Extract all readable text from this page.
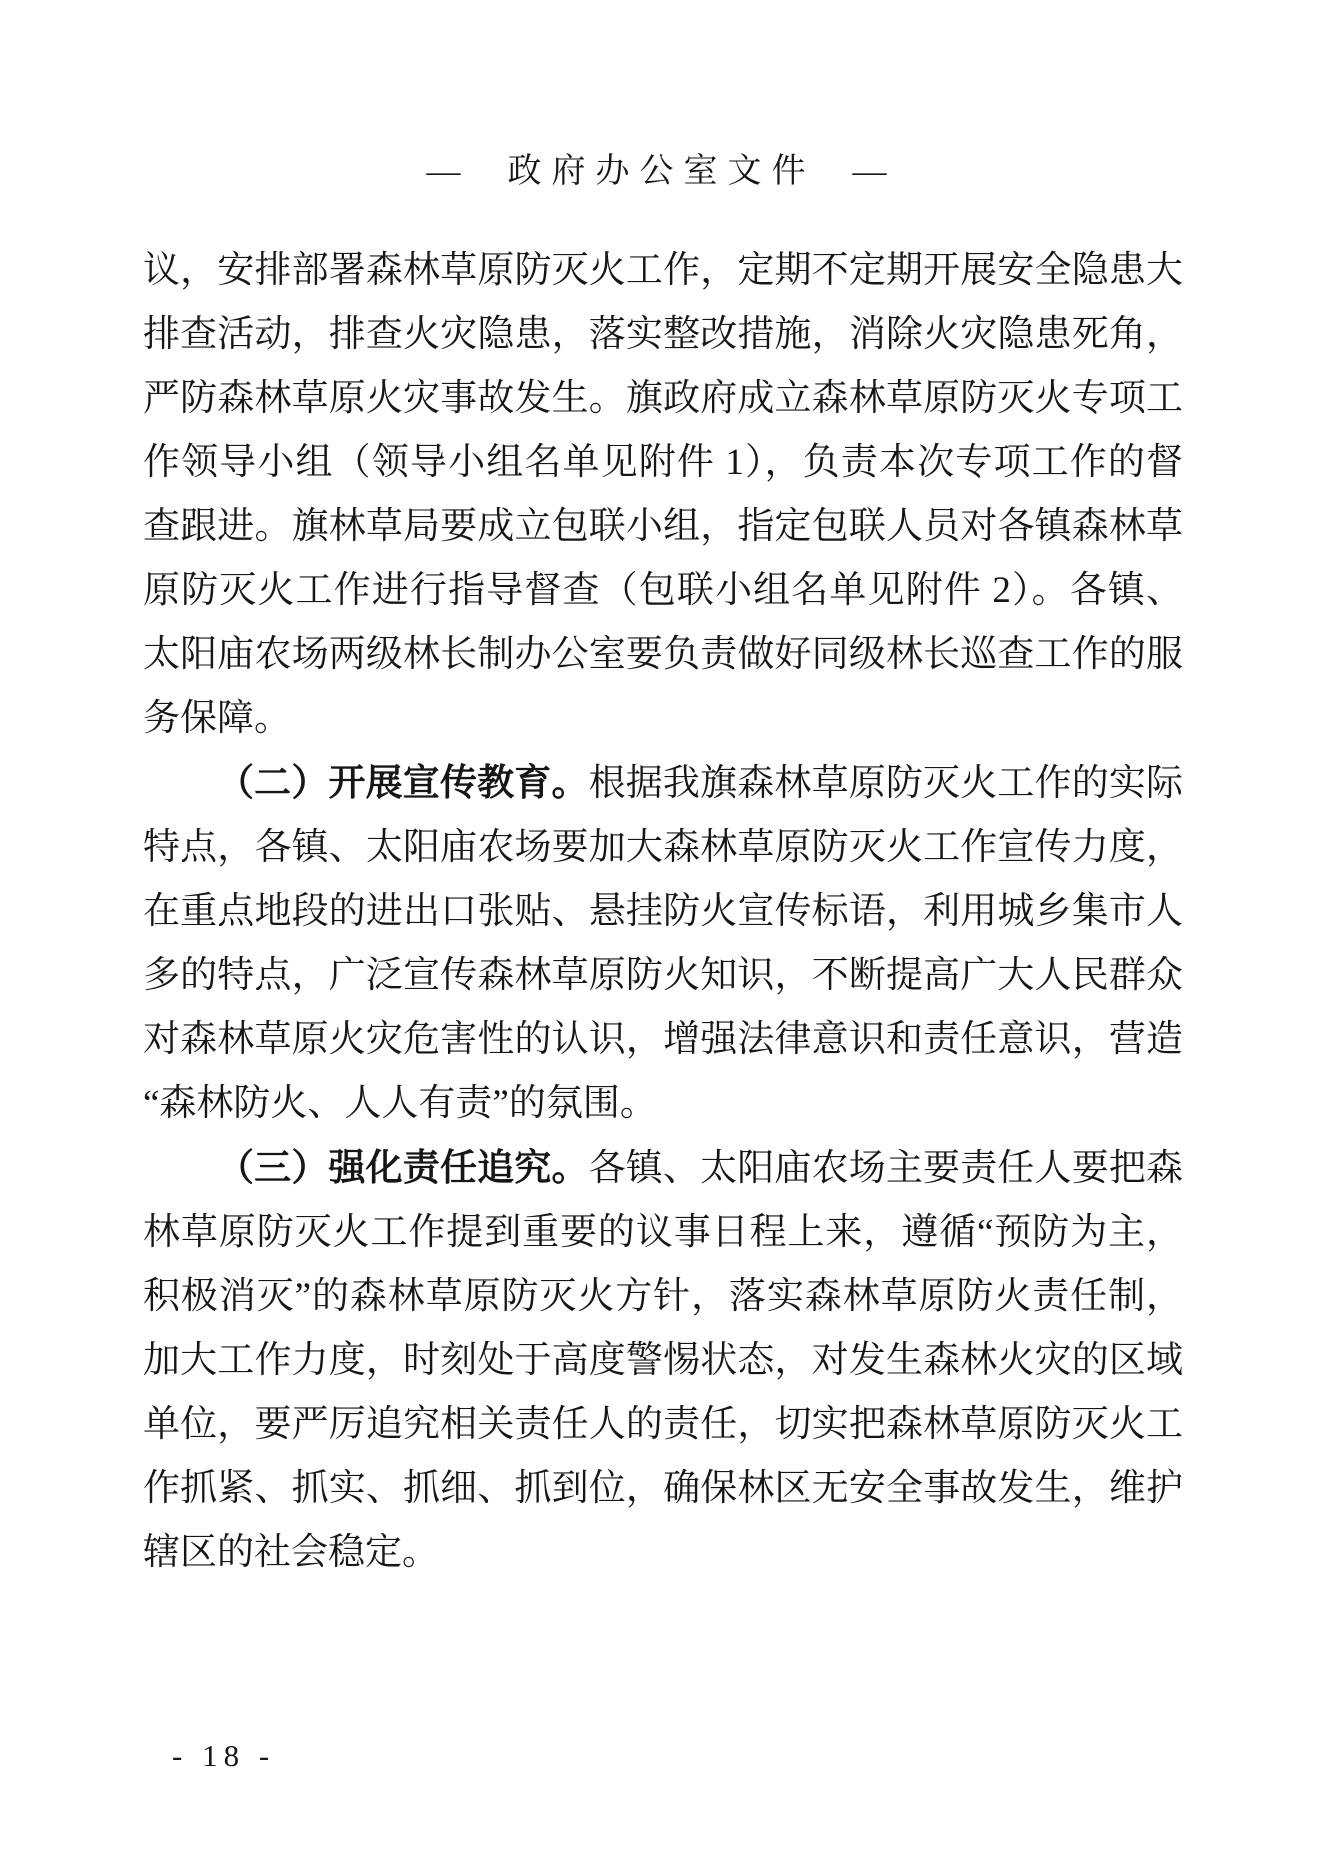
—  政府办公室文件  —

议，安排部署森林草原防灭火工作，定期不定期开展安全隐患大排查活动，排查火灾隐患，落实整改措施，消除火灾隐患死角，严防森林草原火灾事故发生。旗政府成立森林草原防灭火专项工作领导小组（领导小组名单见附件 1），负责本次专项工作的督查跟进。旗林草局要成立包联小组，指定包联人员对各镇森林草原防灭火工作进行指导督查（包联小组名单见附件 2）。各镇、太阳庙农场两级林长制办公室要负责做好同级林长巡查工作的服务保障。

（二）开展宣传教育。根据我旗森林草原防灭火工作的实际特点，各镇、太阳庙农场要加大森林草原防灭火工作宣传力度，在重点地段的进出口张贴、悬挂防火宣传标语，利用城乡集市人多的特点，广泛宣传森林草原防火知识，不断提高广大人民群众对森林草原火灾危害性的认识，增强法律意识和责任意识，营造“森林防火、人人有责”的氛围。

（三）强化责任追究。各镇、太阳庙农场主要责任人要把森林草原防灭火工作提到重要的议事日程上来，遵循“预防为主，积极消灭”的森林草原防灭火方针，落实森林草原防火责任制，加大工作力度，时刻处于高度警惕状态，对发生森林火灾的区域单位，要严厉追究相关责任人的责任，切实把森林草原防灭火工作抓紧、抓实、抓细、抓到位，确保林区无安全事故发生，维护辖区的社会稳定。

- 18 -
